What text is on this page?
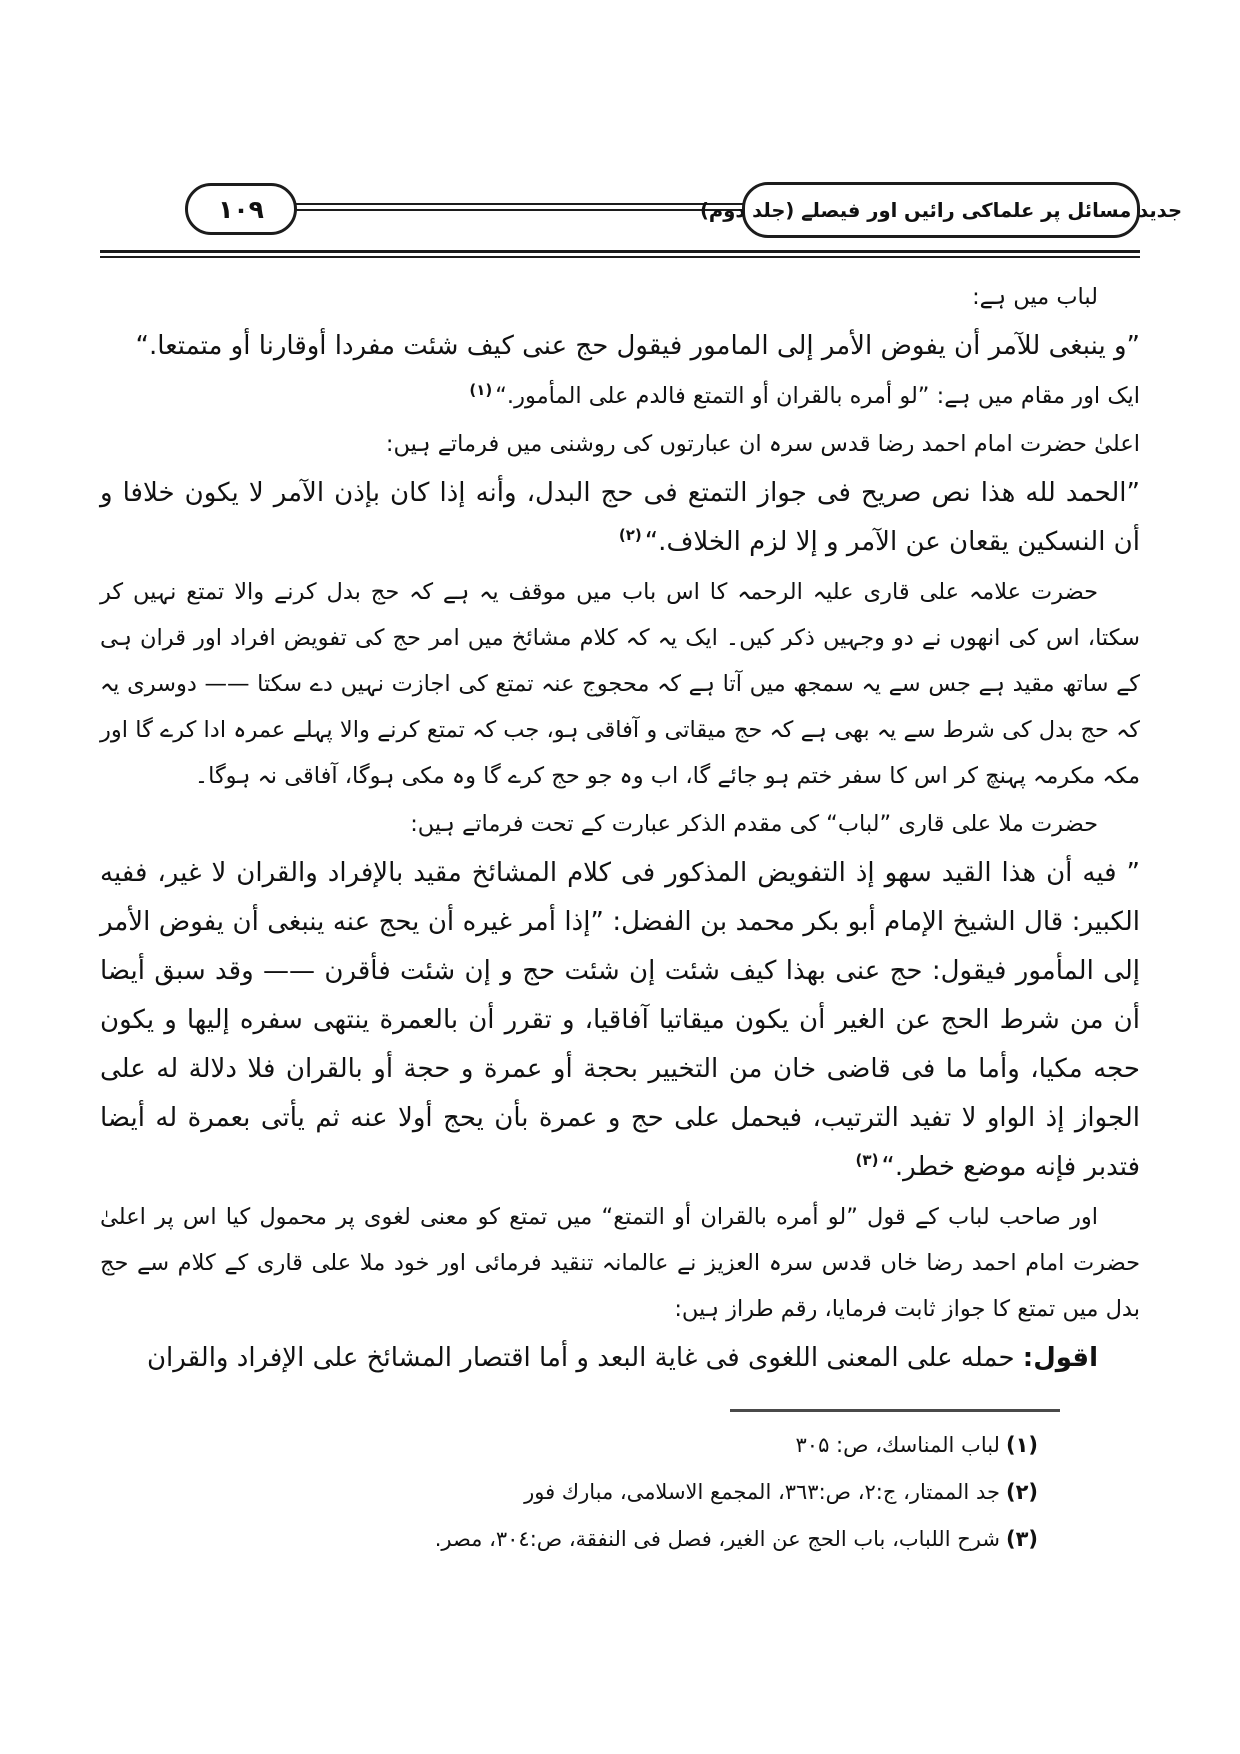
۱۰۹	جدید مسائل پر علماکی رائیں اور فیصلے (جلد دوم)

لباب میں ہے:

”و ينبغى للآمر أن يفوض الأمر إلى المامور فيقول حج عنى كيف شئت مفردا أوقارنا أو متمتعا.“

ایک اور مقام میں ہے: ”لو أمره بالقران أو التمتع فالدم على المأمور.“$^{(۱)}$

اعلیٰ حضرت امام احمد رضا قدس سرہ ان عبارتوں کی روشنی میں فرماتے ہیں:

”الحمد لله هذا نص صريح فى جواز التمتع فى حج البدل، وأنه إذا كان بإذن الآمر لا يكون خلافا و أن النسكين يقعان عن الآمر و إلا لزم الخلاف.“$^{(۲)}$

حضرت علامہ علی قاری علیہ الرحمہ کا اس باب میں موقف یہ ہے کہ حج بدل کرنے والا تمتع نہیں کر سکتا، اس کی انھوں نے دو وجہیں ذکر کیں۔ ایک یہ کہ کلام مشائخ میں امر حج کی تفویض افراد اور قران ہی کے ساتھ مقید ہے جس سے یہ سمجھ میں آتا ہے کہ محجوج عنہ تمتع کی اجازت نہیں دے سکتا —— دوسری یہ کہ حج بدل کی شرط سے یہ بھی ہے کہ حج میقاتی و آفاقی ہو، جب کہ تمتع کرنے والا پہلے عمرہ ادا کرے گا اور مکہ مکرمہ پہنچ کر اس کا سفر ختم ہو جائے گا، اب وہ جو حج کرے گا وہ مکی ہوگا، آفاقی نہ ہوگا۔

حضرت ملا علی قاری ”لباب“ کی مقدم الذکر عبارت کے تحت فرماتے ہیں:

” فيه أن هذا القيد سهو إذ التفويض المذكور فى كلام المشائخ مقيد بالإفراد والقران لا غير، ففيه الكبير: قال الشيخ الإمام أبو بكر محمد بن الفضل: ”إذا أمر غيره أن يحج عنه ينبغى أن يفوض الأمر إلى المأمور فيقول: حج عنى بهذا كيف شئت إن شئت حج و إن شئت فأقرن —— وقد سبق أيضا أن من شرط الحج عن الغير أن يكون ميقاتيا آفاقيا، و تقرر أن بالعمرة ينتهى سفره إليها و يكون حجه مكيا، وأما ما فى قاضى خان من التخيير بحجة أو عمرة و حجة أو بالقران فلا دلالة له على الجواز إذ الواو لا تفيد الترتيب، فيحمل على حج و عمرة بأن يحج أولا عنه ثم يأتى بعمرة له أيضا فتدبر فإنه موضع خطر.“$^{(۳)}$

اور صاحب لباب کے قول ”لو أمره بالقران أو التمتع“ میں تمتع کو معنی لغوی پر محمول کیا اس پر اعلیٰ حضرت امام احمد رضا خاں قدس سرہ العزیز نے عالمانہ تنقید فرمائی اور خود ملا علی قاری کے کلام سے حج بدل میں تمتع کا جواز ثابت فرمایا، رقم طراز ہیں:

اقول: حمله على المعنى اللغوى فى غاية البعد و أما اقتصار المشائخ على الإفراد والقران

(۱)لباب المناسك، ص: ۳۰۵
(۲)جد الممتار، ج:۲، ص:۳٦۳، المجمع الاسلامى، مبارك فور
(۳)شرح اللباب، باب الحج عن الغير، فصل فى النفقة، ص:۳۰٤، مصر.
